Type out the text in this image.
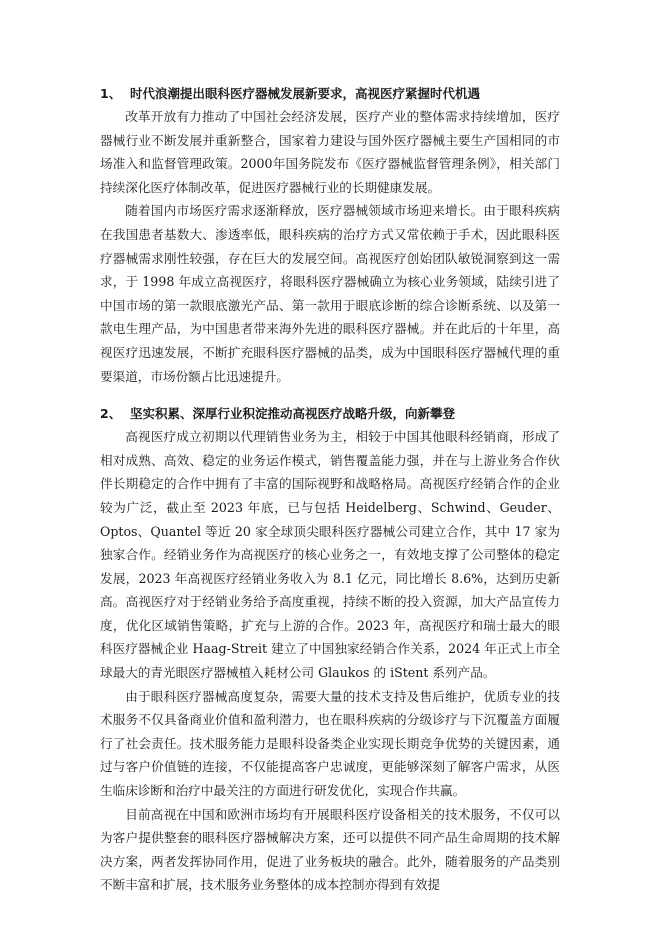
1、 时代浪潮提出眼科医疗器械发展新要求，高视医疗紧握时代机遇

改革开放有力推动了中国社会经济发展，医疗产业的整体需求持续增加，医疗器械行业不断发展并重新整合，国家着力建设与国外医疗器械主要生产国相同的市场准入和监督管理政策。2000年国务院发布《医疗器械监督管理条例》，相关部门持续深化医疗体制改革，促进医疗器械行业的长期健康发展。

随着国内市场医疗需求逐渐释放，医疗器械领域市场迎来增长。由于眼科疾病在我国患者基数大、渗透率低，眼科疾病的治疗方式又常依赖于手术，因此眼科医疗器械需求刚性较强，存在巨大的发展空间。高视医疗创始团队敏锐洞察到这一需求，于 1998 年成立高视医疗，将眼科医疗器械确立为核心业务领域，陆续引进了中国市场的第一款眼底激光产品、第一款用于眼底诊断的综合诊断系统、以及第一款电生理产品，为中国患者带来海外先进的眼科医疗器械。并在此后的十年里，高视医疗迅速发展，不断扩充眼科医疗器械的品类，成为中国眼科医疗器械代理的重要渠道，市场份额占比迅速提升。

2、 坚实积累、深厚行业积淀推动高视医疗战略升级，向新攀登

高视医疗成立初期以代理销售业务为主，相较于中国其他眼科经销商，形成了相对成熟、高效、稳定的业务运作模式，销售覆盖能力强，并在与上游业务合作伙伴长期稳定的合作中拥有了丰富的国际视野和战略格局。高视医疗经销合作的企业较为广泛，截止至 2023 年底，已与包括 Heidelberg、Schwind、Geuder、Optos、Quantel 等近 20 家全球顶尖眼科医疗器械公司建立合作，其中 17 家为独家合作。经销业务作为高视医疗的核心业务之一，有效地支撑了公司整体的稳定发展，2023 年高视医疗经销业务收入为 8.1 亿元，同比增长 8.6%，达到历史新高。高视医疗对于经销业务给予高度重视，持续不断的投入资源，加大产品宣传力度，优化区域销售策略，扩充与上游的合作。2023 年，高视医疗和瑞士最大的眼科医疗器械企业 Haag-Streit 建立了中国独家经销合作关系，2024 年正式上市全球最大的青光眼医疗器械植入耗材公司 Glaukos 的 iStent 系列产品。

由于眼科医疗器械高度复杂，需要大量的技术支持及售后维护，优质专业的技术服务不仅具备商业价值和盈利潜力，也在眼科疾病的分级诊疗与下沉覆盖方面履行了社会责任。技术服务能力是眼科设备类企业实现长期竞争优势的关键因素，通过与客户价值链的连接，不仅能提高客户忠诚度，更能够深刻了解客户需求，从医生临床诊断和治疗中最关注的方面进行研发优化，实现合作共赢。

目前高视在中国和欧洲市场均有开展眼科医疗设备相关的技术服务，不仅可以为客户提供整套的眼科医疗器械解决方案，还可以提供不同产品生命周期的技术解决方案，两者发挥协同作用，促进了业务板块的融合。此外，随着服务的产品类别不断丰富和扩展，技术服务业务整体的成本控制亦得到有效提
